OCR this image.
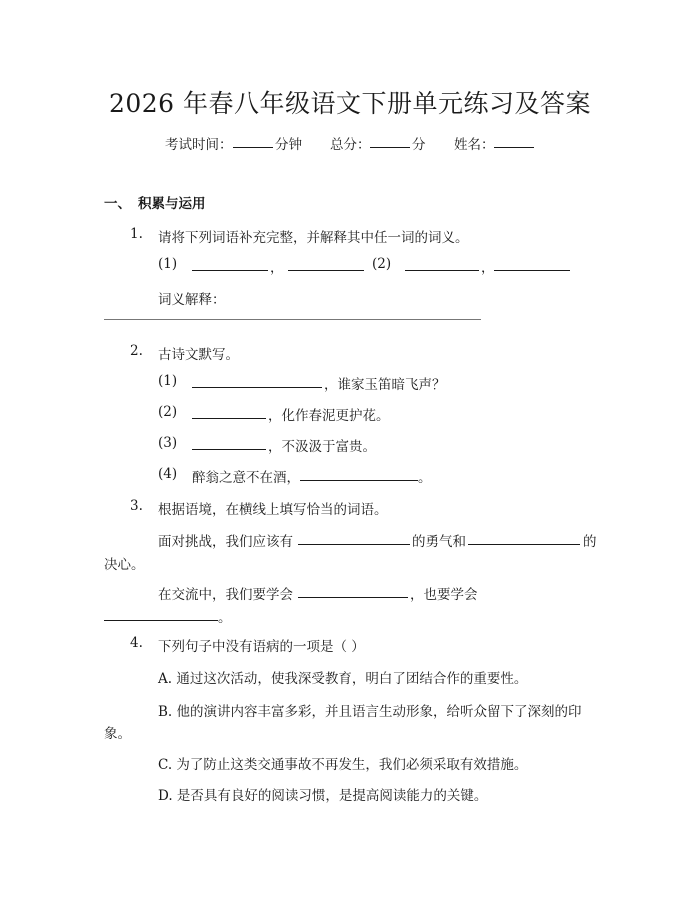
2026 年春八年级语文下册单元练习及答案
考试时间：	分钟 总分：	分 姓名：
一、 积累与运用
1. 请将下列词语补充完整，并解释其中任一词的词义。
(1)	，	(2)	，
词义解释：
2. 古诗文默写。
(1)	，谁家玉笛暗飞声？
(2)	，化作春泥更护花。
(3)	，不汲汲于富贵。
(4) 醉翁之意不在酒，	。
3. 根据语境，在横线上填写恰当的词语。
面对挑战，我们应该有	的勇气和	的
决心。
在交流中，我们要学会	，也要学会
。
4. 下列句子中没有语病的一项是（ ）
A. 通过这次活动，使我深受教育，明白了团结合作的重要性。
B. 他的演讲内容丰富多彩，并且语言生动形象，给听众留下了深刻的印
象。
C. 为了防止这类交通事故不再发生，我们必须采取有效措施。
D. 是否具有良好的阅读习惯，是提高阅读能力的关键。
